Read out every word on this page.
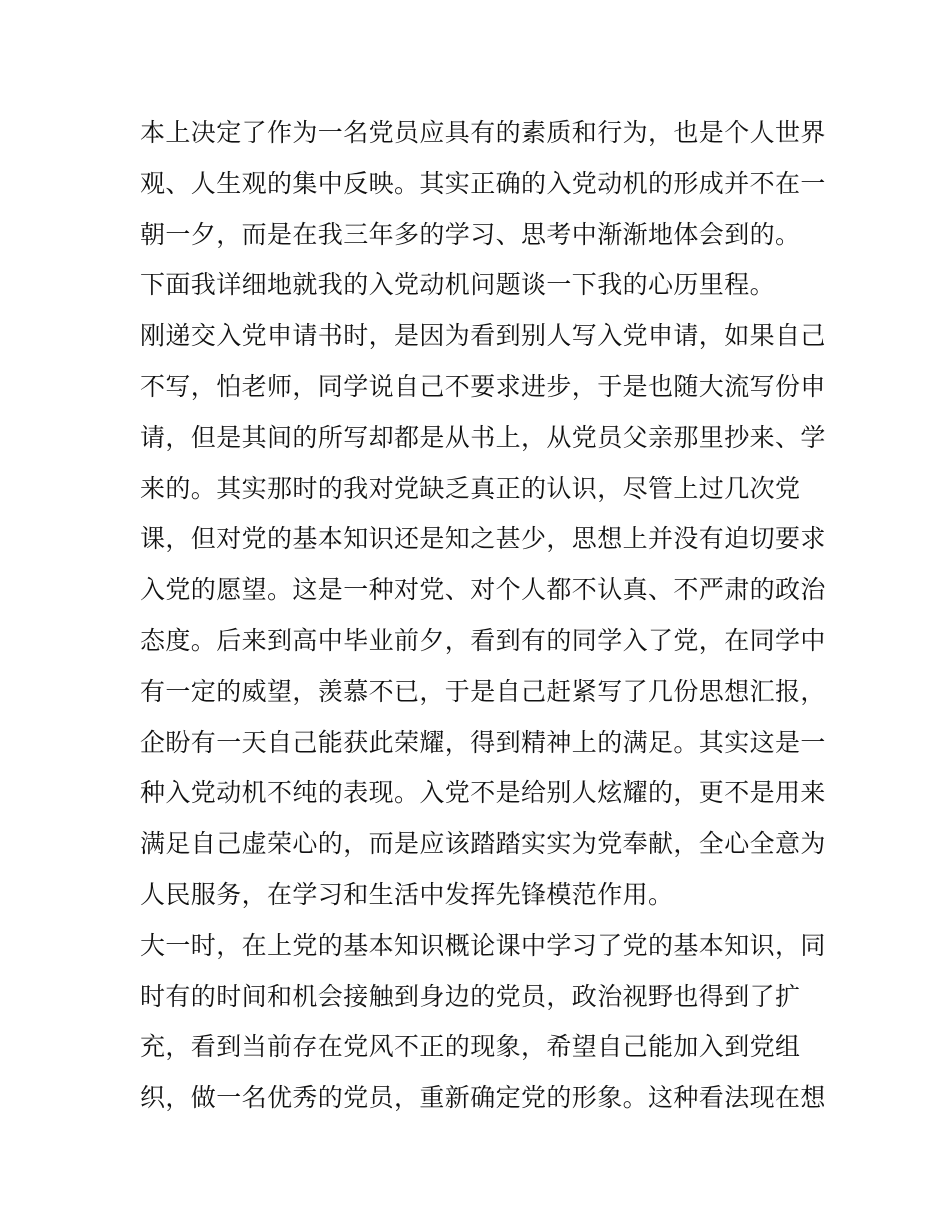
本上决定了作为一名党员应具有的素质和行为，也是个人世界
观、人生观的集中反映。其实正确的入党动机的形成并不在一
朝一夕，而是在我三年多的学习、思考中渐渐地体会到的。
下面我详细地就我的入党动机问题谈一下我的心历里程。
刚递交入党申请书时，是因为看到别人写入党申请，如果自己
不写，怕老师，同学说自己不要求进步，于是也随大流写份申
请，但是其间的所写却都是从书上，从党员父亲那里抄来、学
来的。其实那时的我对党缺乏真正的认识，尽管上过几次党
课，但对党的基本知识还是知之甚少，思想上并没有迫切要求
入党的愿望。这是一种对党、对个人都不认真、不严肃的政治
态度。后来到高中毕业前夕，看到有的同学入了党，在同学中
有一定的威望，羡慕不已，于是自己赶紧写了几份思想汇报，
企盼有一天自己能获此荣耀，得到精神上的满足。其实这是一
种入党动机不纯的表现。入党不是给别人炫耀的，更不是用来
满足自己虚荣心的，而是应该踏踏实实为党奉献，全心全意为
人民服务，在学习和生活中发挥先锋模范作用。
大一时，在上党的基本知识概论课中学习了党的基本知识，同
时有的时间和机会接触到身边的党员，政治视野也得到了扩
充，看到当前存在党风不正的现象，希望自己能加入到党组
织，做一名优秀的党员，重新确定党的形象。这种看法现在想
